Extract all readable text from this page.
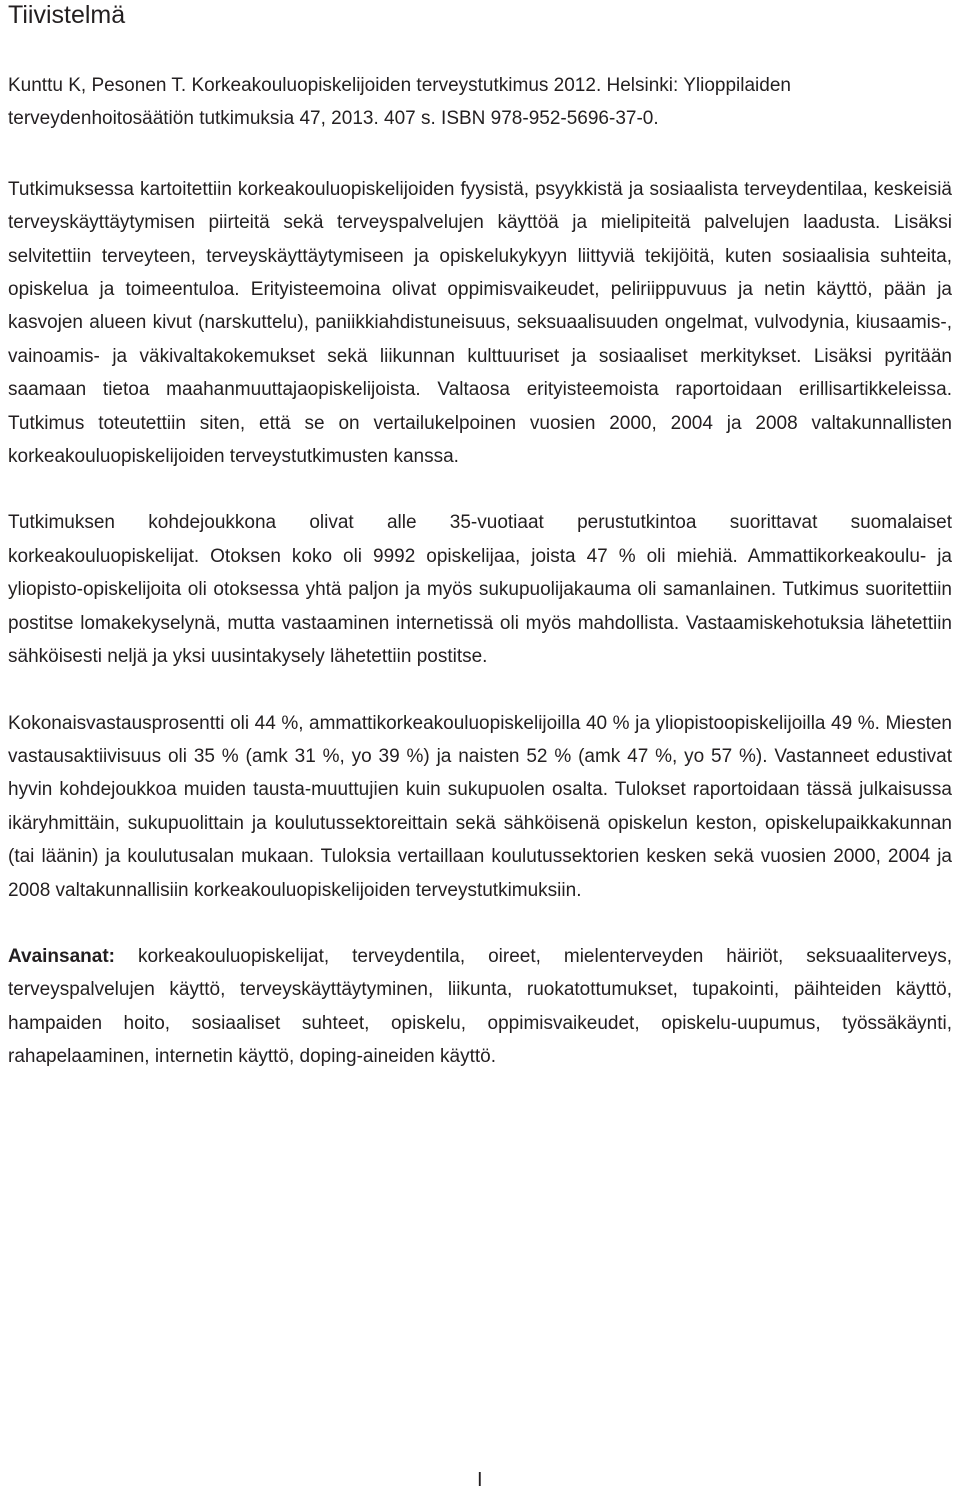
Tiivistelmä

Kunttu K, Pesonen T. Korkeakouluopiskelijoiden terveystutkimus 2012. Helsinki: Ylioppilaiden terveydenhoitosäätiön tutkimuksia 47, 2013. 407 s. ISBN 978-952-5696-37-0.

Tutkimuksessa kartoitettiin korkeakouluopiskelijoiden fyysistä, psyykkistä ja sosiaalista terveydentilaa, keskeisiä terveyskäyttäytymisen piirteitä sekä terveyspalvelujen käyttöä ja mielipiteitä palvelujen laadusta. Lisäksi selvitettiin terveyteen, terveyskäyttäytymiseen ja opiskelukykyyn liittyviä tekijöitä, kuten sosiaalisia suhteita, opiskelua ja toimeentuloa. Erityisteemoina olivat oppimisvaikeudet, peliriippuvuus ja netin käyttö, pään ja kasvojen alueen kivut (narskuttelu), paniikkiahdistuneisuus, seksuaalisuuden ongelmat, vulvodynia, kiusaamis-, vainoamis- ja väkivaltakokemukset sekä liikunnan kulttuuriset ja sosiaaliset merkitykset. Lisäksi pyritään saamaan tietoa maahanmuuttajaopiskelijoista. Valtaosa erityisteemoista raportoidaan erillisartikkeleissa. Tutkimus toteutettiin siten, että se on vertailukelpoinen vuosien 2000, 2004 ja 2008 valtakunnallisten korkeakouluopiskelijoiden terveystutkimusten kanssa.

Tutkimuksen kohdejoukkona olivat alle 35-vuotiaat perustutkintoa suorittavat suomalaiset korkeakouluopiskelijat. Otoksen koko oli 9992 opiskelijaa, joista 47 % oli miehiä. Ammattikorkeakoulu- ja yliopisto-opiskelijoita oli otoksessa yhtä paljon ja myös sukupuolijakauma oli samanlainen. Tutkimus suoritettiin postitse lomakekyselynä, mutta vastaaminen internetissä oli myös mahdollista. Vastaamiskehotuksia lähetettiin sähköisesti neljä ja yksi uusintakysely lähetettiin postitse.

Kokonaisvastausprosentti oli 44 %, ammattikorkeakouluopiskelijoilla 40 % ja yliopistoopiskelijoilla 49 %. Miesten vastausaktiivisuus oli 35 % (amk 31 %, yo 39 %) ja naisten 52 % (amk 47 %, yo 57 %). Vastanneet edustivat hyvin kohdejoukkoa muiden tausta-muuttujien kuin sukupuolen osalta. Tulokset raportoidaan tässä julkaisussa ikäryhmittäin, sukupuolittain ja koulutussektoreittain sekä sähköisenä opiskelun keston, opiskelupaikkakunnan (tai läänin) ja koulutusalan mukaan. Tuloksia vertaillaan koulutussektorien kesken sekä vuosien 2000, 2004 ja 2008 valtakunnallisiin korkeakouluopiskelijoiden terveystutkimuksiin.

Avainsanat: korkeakouluopiskelijat, terveydentila, oireet, mielenterveyden häiriöt, seksuaaliterveys, terveyspalvelujen käyttö, terveyskäyttäytyminen, liikunta, ruokatottumukset, tupakointi, päihteiden käyttö, hampaiden hoito, sosiaaliset suhteet, opiskelu, oppimisvaikeudet, opiskelu-uupumus, työssäkäynti, rahapelaaminen, internetin käyttö, doping-aineiden käyttö.

I
